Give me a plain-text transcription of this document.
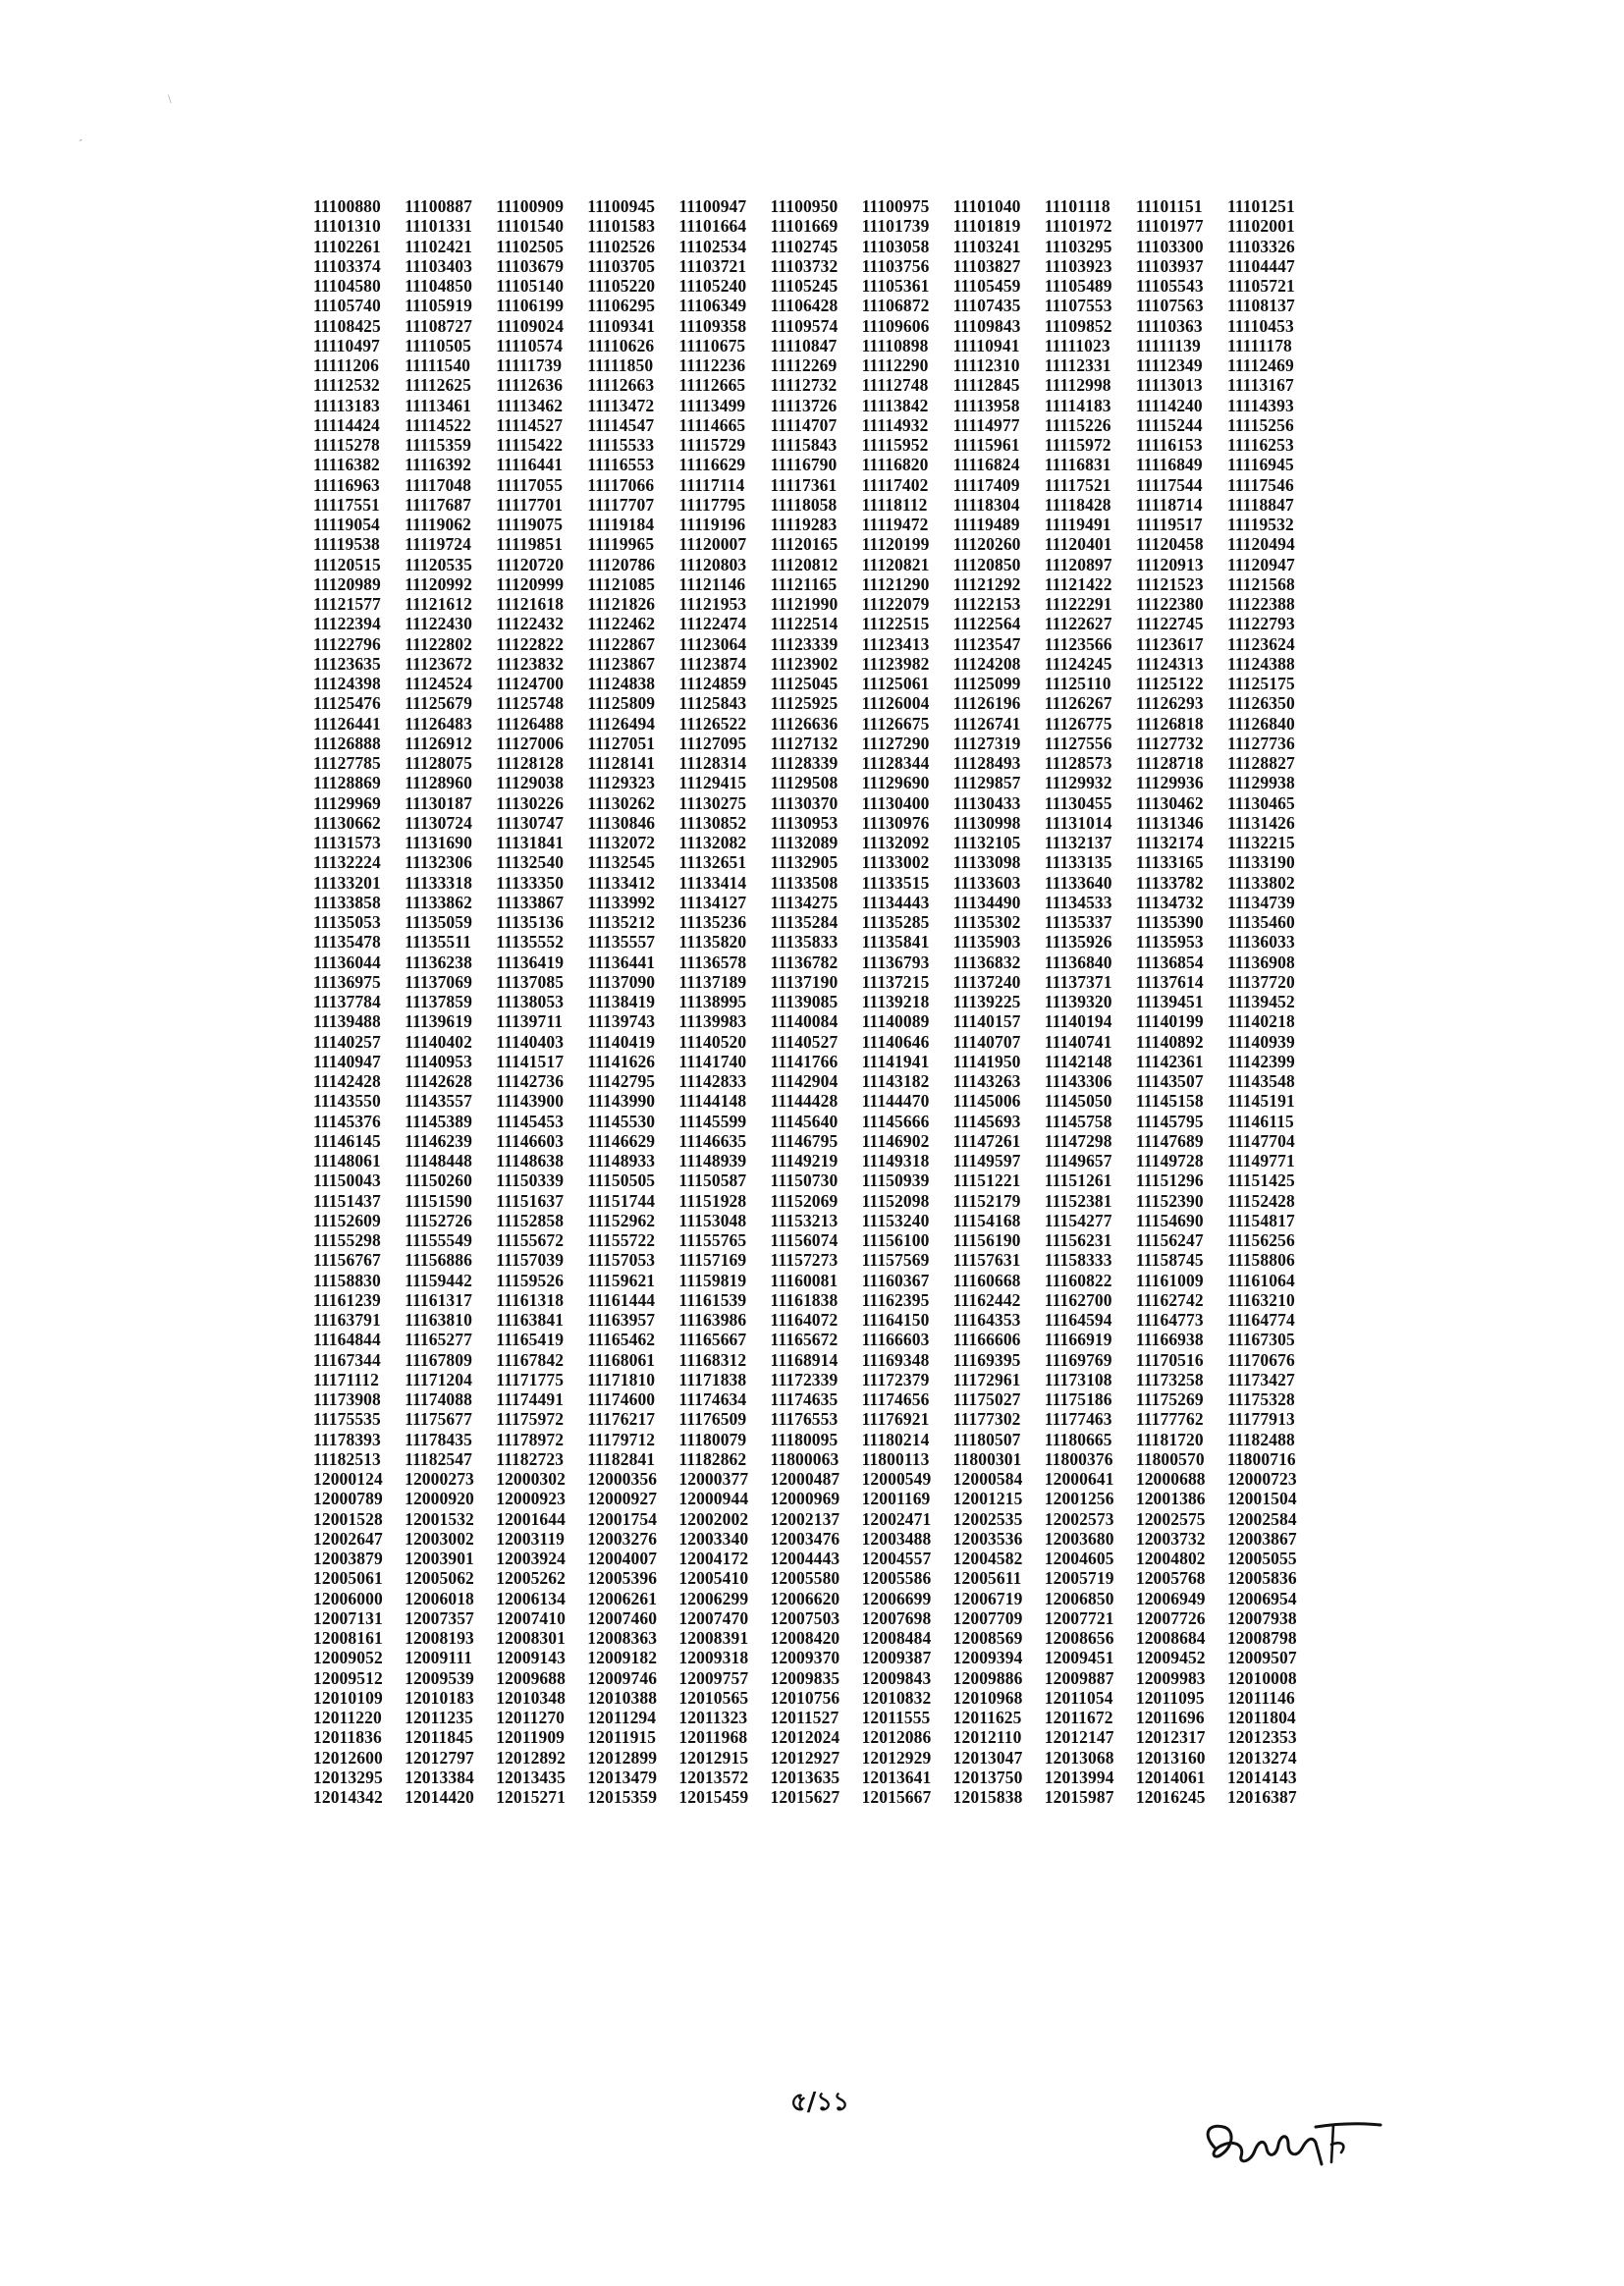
\
´
11100880	11100887	11100909	11100945	11100947	11100950	11100975	11101040	11101118	11101151	11101251
11101310	11101331	11101540	11101583	11101664	11101669	11101739	11101819	11101972	11101977	11102001
11102261	11102421	11102505	11102526	11102534	11102745	11103058	11103241	11103295	11103300	11103326
11103374	11103403	11103679	11103705	11103721	11103732	11103756	11103827	11103923	11103937	11104447
11104580	11104850	11105140	11105220	11105240	11105245	11105361	11105459	11105489	11105543	11105721
11105740	11105919	11106199	11106295	11106349	11106428	11106872	11107435	11107553	11107563	11108137
11108425	11108727	11109024	11109341	11109358	11109574	11109606	11109843	11109852	11110363	11110453
11110497	11110505	11110574	11110626	11110675	11110847	11110898	11110941	11111023	11111139	11111178
11111206	11111540	11111739	11111850	11112236	11112269	11112290	11112310	11112331	11112349	11112469
11112532	11112625	11112636	11112663	11112665	11112732	11112748	11112845	11112998	11113013	11113167
11113183	11113461	11113462	11113472	11113499	11113726	11113842	11113958	11114183	11114240	11114393
11114424	11114522	11114527	11114547	11114665	11114707	11114932	11114977	11115226	11115244	11115256
11115278	11115359	11115422	11115533	11115729	11115843	11115952	11115961	11115972	11116153	11116253
11116382	11116392	11116441	11116553	11116629	11116790	11116820	11116824	11116831	11116849	11116945
11116963	11117048	11117055	11117066	11117114	11117361	11117402	11117409	11117521	11117544	11117546
11117551	11117687	11117701	11117707	11117795	11118058	11118112	11118304	11118428	11118714	11118847
11119054	11119062	11119075	11119184	11119196	11119283	11119472	11119489	11119491	11119517	11119532
11119538	11119724	11119851	11119965	11120007	11120165	11120199	11120260	11120401	11120458	11120494
11120515	11120535	11120720	11120786	11120803	11120812	11120821	11120850	11120897	11120913	11120947
11120989	11120992	11120999	11121085	11121146	11121165	11121290	11121292	11121422	11121523	11121568
11121577	11121612	11121618	11121826	11121953	11121990	11122079	11122153	11122291	11122380	11122388
11122394	11122430	11122432	11122462	11122474	11122514	11122515	11122564	11122627	11122745	11122793
11122796	11122802	11122822	11122867	11123064	11123339	11123413	11123547	11123566	11123617	11123624
11123635	11123672	11123832	11123867	11123874	11123902	11123982	11124208	11124245	11124313	11124388
11124398	11124524	11124700	11124838	11124859	11125045	11125061	11125099	11125110	11125122	11125175
11125476	11125679	11125748	11125809	11125843	11125925	11126004	11126196	11126267	11126293	11126350
11126441	11126483	11126488	11126494	11126522	11126636	11126675	11126741	11126775	11126818	11126840
11126888	11126912	11127006	11127051	11127095	11127132	11127290	11127319	11127556	11127732	11127736
11127785	11128075	11128128	11128141	11128314	11128339	11128344	11128493	11128573	11128718	11128827
11128869	11128960	11129038	11129323	11129415	11129508	11129690	11129857	11129932	11129936	11129938
11129969	11130187	11130226	11130262	11130275	11130370	11130400	11130433	11130455	11130462	11130465
11130662	11130724	11130747	11130846	11130852	11130953	11130976	11130998	11131014	11131346	11131426
11131573	11131690	11131841	11132072	11132082	11132089	11132092	11132105	11132137	11132174	11132215
11132224	11132306	11132540	11132545	11132651	11132905	11133002	11133098	11133135	11133165	11133190
11133201	11133318	11133350	11133412	11133414	11133508	11133515	11133603	11133640	11133782	11133802
11133858	11133862	11133867	11133992	11134127	11134275	11134443	11134490	11134533	11134732	11134739
11135053	11135059	11135136	11135212	11135236	11135284	11135285	11135302	11135337	11135390	11135460
11135478	11135511	11135552	11135557	11135820	11135833	11135841	11135903	11135926	11135953	11136033
11136044	11136238	11136419	11136441	11136578	11136782	11136793	11136832	11136840	11136854	11136908
11136975	11137069	11137085	11137090	11137189	11137190	11137215	11137240	11137371	11137614	11137720
11137784	11137859	11138053	11138419	11138995	11139085	11139218	11139225	11139320	11139451	11139452
11139488	11139619	11139711	11139743	11139983	11140084	11140089	11140157	11140194	11140199	11140218
11140257	11140402	11140403	11140419	11140520	11140527	11140646	11140707	11140741	11140892	11140939
11140947	11140953	11141517	11141626	11141740	11141766	11141941	11141950	11142148	11142361	11142399
11142428	11142628	11142736	11142795	11142833	11142904	11143182	11143263	11143306	11143507	11143548
11143550	11143557	11143900	11143990	11144148	11144428	11144470	11145006	11145050	11145158	11145191
11145376	11145389	11145453	11145530	11145599	11145640	11145666	11145693	11145758	11145795	11146115
11146145	11146239	11146603	11146629	11146635	11146795	11146902	11147261	11147298	11147689	11147704
11148061	11148448	11148638	11148933	11148939	11149219	11149318	11149597	11149657	11149728	11149771
11150043	11150260	11150339	11150505	11150587	11150730	11150939	11151221	11151261	11151296	11151425
11151437	11151590	11151637	11151744	11151928	11152069	11152098	11152179	11152381	11152390	11152428
11152609	11152726	11152858	11152962	11153048	11153213	11153240	11154168	11154277	11154690	11154817
11155298	11155549	11155672	11155722	11155765	11156074	11156100	11156190	11156231	11156247	11156256
11156767	11156886	11157039	11157053	11157169	11157273	11157569	11157631	11158333	11158745	11158806
11158830	11159442	11159526	11159621	11159819	11160081	11160367	11160668	11160822	11161009	11161064
11161239	11161317	11161318	11161444	11161539	11161838	11162395	11162442	11162700	11162742	11163210
11163791	11163810	11163841	11163957	11163986	11164072	11164150	11164353	11164594	11164773	11164774
11164844	11165277	11165419	11165462	11165667	11165672	11166603	11166606	11166919	11166938	11167305
11167344	11167809	11167842	11168061	11168312	11168914	11169348	11169395	11169769	11170516	11170676
11171112	11171204	11171775	11171810	11171838	11172339	11172379	11172961	11173108	11173258	11173427
11173908	11174088	11174491	11174600	11174634	11174635	11174656	11175027	11175186	11175269	11175328
11175535	11175677	11175972	11176217	11176509	11176553	11176921	11177302	11177463	11177762	11177913
11178393	11178435	11178972	11179712	11180079	11180095	11180214	11180507	11180665	11181720	11182488
11182513	11182547	11182723	11182841	11182862	11800063	11800113	11800301	11800376	11800570	11800716
12000124	12000273	12000302	12000356	12000377	12000487	12000549	12000584	12000641	12000688	12000723
12000789	12000920	12000923	12000927	12000944	12000969	12001169	12001215	12001256	12001386	12001504
12001528	12001532	12001644	12001754	12002002	12002137	12002471	12002535	12002573	12002575	12002584
12002647	12003002	12003119	12003276	12003340	12003476	12003488	12003536	12003680	12003732	12003867
12003879	12003901	12003924	12004007	12004172	12004443	12004557	12004582	12004605	12004802	12005055
12005061	12005062	12005262	12005396	12005410	12005580	12005586	12005611	12005719	12005768	12005836
12006000	12006018	12006134	12006261	12006299	12006620	12006699	12006719	12006850	12006949	12006954
12007131	12007357	12007410	12007460	12007470	12007503	12007698	12007709	12007721	12007726	12007938
12008161	12008193	12008301	12008363	12008391	12008420	12008484	12008569	12008656	12008684	12008798
12009052	12009111	12009143	12009182	12009318	12009370	12009387	12009394	12009451	12009452	12009507
12009512	12009539	12009688	12009746	12009757	12009835	12009843	12009886	12009887	12009983	12010008
12010109	12010183	12010348	12010388	12010565	12010756	12010832	12010968	12011054	12011095	12011146
12011220	12011235	12011270	12011294	12011323	12011527	12011555	12011625	12011672	12011696	12011804
12011836	12011845	12011909	12011915	12011968	12012024	12012086	12012110	12012147	12012317	12012353
12012600	12012797	12012892	12012899	12012915	12012927	12012929	12013047	12013068	12013160	12013274
12013295	12013384	12013435	12013479	12013572	12013635	12013641	12013750	12013994	12014061	12014143
12014342	12014420	12015271	12015359	12015459	12015627	12015667	12015838	12015987	12016245	12016387
৫/১১
